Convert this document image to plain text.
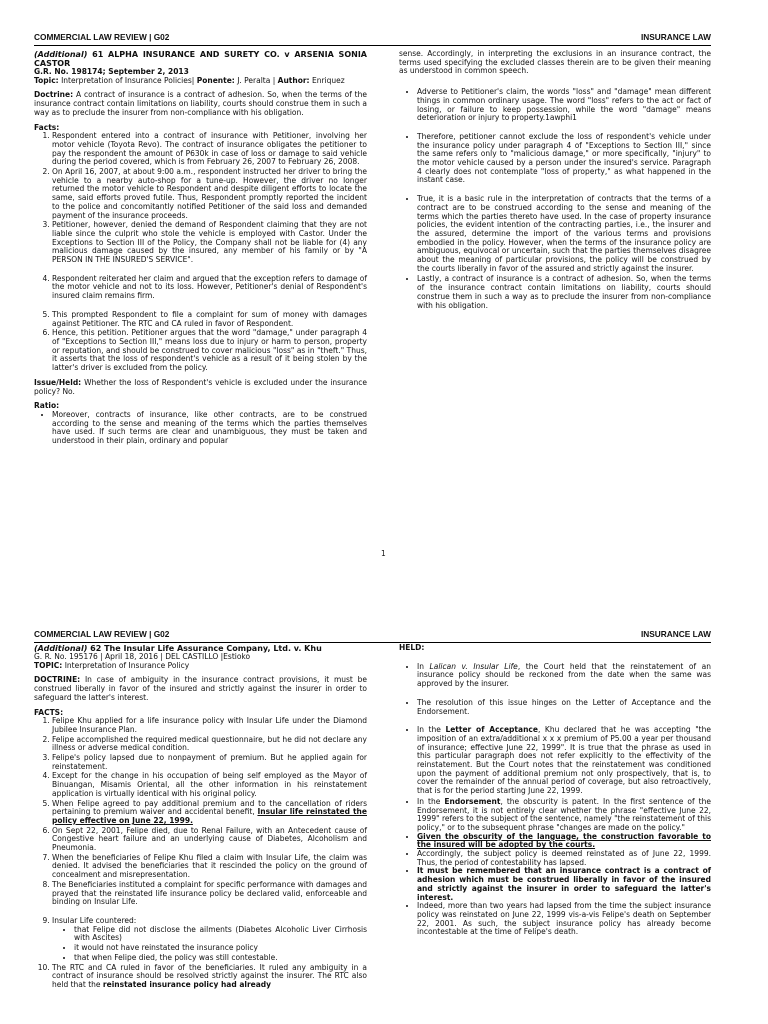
COMMERCIAL LAW REVIEW | G02	INSURANCE LAW
(Additional) 61 ALPHA INSURANCE AND SURETY CO. v ARSENIA SONIA CASTOR
G.R. No. 198174; September 2, 2013

Topic: Interpretation of Insurance Policies| Ponente: J. Peralta | Author: Enriquez

Doctrine: A contract of insurance is a contract of adhesion. So, when the terms of the insurance contract contain limitations on liability, courts should construe them in such a way as to preclude the insurer from non-compliance with his obligation.

Facts:
1. Respondent entered into a contract of insurance with Petitioner, involving her motor vehicle (Toyota Revo). The contract of insurance obligates the petitioner to pay the respondent the amount of P630k in case of loss or damage to said vehicle during the period covered, which is from February 26, 2007 to February 26, 2008.
2. On April 16, 2007, at about 9:00 a.m., respondent instructed her driver to bring the vehicle to a nearby auto-shop for a tune-up. However, the driver no longer returned the motor vehicle to Respondent and despite diligent efforts to locate the same, said efforts proved futile. Thus, Respondent promptly reported the incident to the police and concomitantly notified Petitioner of the said loss and demanded payment of the insurance proceeds.
3. Petitioner, however, denied the demand of Respondent claiming that they are not liable since the culprit who stole the vehicle is employed with Castor. Under the Exceptions to Section III of the Policy, the Company shall not be liable for (4) any malicious damage caused by the insured, any member of his family or by "A PERSON IN THE INSURED'S SERVICE".
4. Respondent reiterated her claim and argued that the exception refers to damage of the motor vehicle and not to its loss. However, Petitioner's denial of Respondent's insured claim remains firm.
5. This prompted Respondent to file a complaint for sum of money with damages against Petitioner. The RTC and CA ruled in favor of Respondent.
6. Hence, this petition. Petitioner argues that the word "damage," under paragraph 4 of "Exceptions to Section III," means loss due to injury or harm to person, property or reputation, and should be construed to cover malicious "loss" as in "theft." Thus, it asserts that the loss of respondent's vehicle as a result of it being stolen by the latter's driver is excluded from the policy.

Issue/Held: Whether the loss of Respondent's vehicle is excluded under the insurance policy? No.

Ratio:
• Moreover, contracts of insurance, like other contracts, are to be construed according to the sense and meaning of the terms which the parties themselves have used. If such terms are clear and unambiguous, they must be taken and understood in their plain, ordinary and popular

sense. Accordingly, in interpreting the exclusions in an insurance contract, the terms used specifying the excluded classes therein are to be given their meaning as understood in common speech.

• Adverse to Petitioner's claim, the words "loss" and "damage" mean different things in common ordinary usage. The word "loss" refers to the act or fact of losing, or failure to keep possession, while the word "damage" means deterioration or injury to property.1awphi1
• Therefore, petitioner cannot exclude the loss of respondent's vehicle under the insurance policy under paragraph 4 of "Exceptions to Section III," since the same refers only to "malicious damage," or more specifically, "injury" to the motor vehicle caused by a person under the insured's service. Paragraph 4 clearly does not contemplate "loss of property," as what happened in the instant case.
• True, it is a basic rule in the interpretation of contracts that the terms of a contract are to be construed according to the sense and meaning of the terms which the parties thereto have used. In the case of property insurance policies, the evident intention of the contracting parties, i.e., the insurer and the assured, determine the import of the various terms and provisions embodied in the policy. However, when the terms of the insurance policy are ambiguous, equivocal or uncertain, such that the parties themselves disagree about the meaning of particular provisions, the policy will be construed by the courts liberally in favor of the assured and strictly against the insurer.
• Lastly, a contract of insurance is a contract of adhesion. So, when the terms of the insurance contract contain limitations on liability, courts should construe them in such a way as to preclude the insurer from non-compliance with his obligation.
1
COMMERCIAL LAW REVIEW | G02	INSURANCE LAW
(Additional) 62 The Insular Life Assurance Company, Ltd. v. Khu
G. R. No. 195176 | April 18, 2016 | DEL CASTILLO |Estioko

TOPIC: Interpretation of Insurance Policy

DOCTRINE: In case of ambiguity in the insurance contract provisions, it must be construed liberally in favor of the insured and strictly against the insurer in order to safeguard the latter's interest.

FACTS:
1. Felipe Khu applied for a life insurance policy with Insular Life under the Diamond Jubilee Insurance Plan.
2. Felipe accomplished the required medical questionnaire, but he did not declare any illness or adverse medical condition.
3. Felipe's policy lapsed due to nonpayment of premium. But he applied again for reinstatement.
4. Except for the change in his occupation of being self employed as the Mayor of Binuangan, Misamis Oriental, all the other information in his reinstatement application is virtually identical with his original policy.
5. When Felipe agreed to pay additional premium and to the cancellation of riders pertaining to premium waiver and accidental benefit, Insular life reinstated the policy effective on June 22, 1999.
6. On Sept 22, 2001, Felipe died, due to Renal Failure, with an Antecedent cause of Congestive heart failure and an underlying cause of Diabetes, Alcoholism and Pneumonia.
7. When the beneficiaries of Felipe Khu filed a claim with Insular Life, the claim was denied. It advised the beneficiaries that it rescinded the policy on the ground of concealment and misrepresentation.
8. The Beneficiaries instituted a complaint for specific performance with damages and prayed that the reinstated life insurance policy be declared valid, enforceable and binding on Insular Life.
9. Insular Life countered:
• that Felipe did not disclose the ailments (Diabetes Alcoholic Liver Cirrhosis with Ascites)
• it would not have reinstated the insurance policy
• that when Felipe died, the policy was still contestable.
10. The RTC and CA ruled in favor of the beneficiaries. It ruled any ambiguity in a contract of insurance should be resolved strictly against the insurer. The RTC also held that the reinstated insurance policy had already
HELD:
• In Lalican v. Insular Life, the Court held that the reinstatement of an insurance policy should be reckoned from the date when the same was approved by the insurer.
• The resolution of this issue hinges on the Letter of Acceptance and the Endorsement.
• In the Letter of Acceptance, Khu declared that he was accepting "the imposition of an extra/additional x x x premium of P5.00 a year per thousand of insurance; effective June 22, 1999". It is true that the phrase as used in this particular paragraph does not refer explicitly to the effectivity of the reinstatement. But the Court notes that the reinstatement was conditioned upon the payment of additional premium not only prospectively, that is, to cover the remainder of the annual period of coverage, but also retroactively, that is for the period starting June 22, 1999.
• In the Endorsement, the obscurity is patent. In the first sentence of the Endorsement, it is not entirely clear whether the phrase "effective June 22, 1999" refers to the subject of the sentence, namely "the reinstatement of this policy," or to the subsequent phrase "changes are made on the policy."
• Given the obscurity of the language, the construction favorable to the insured will be adopted by the courts.
• Accordingly, the subject policy is deemed reinstated as of June 22, 1999. Thus, the period of contestability has lapsed.
• It must be remembered that an insurance contract is a contract of adhesion which must be construed liberally in favor of the insured and strictly against the insurer in order to safeguard the latter's interest.
• Indeed, more than two years had lapsed from the time the subject insurance policy was reinstated on June 22, 1999 vis-a-vis Felipe's death on September 22, 2001. As such, the subject insurance policy has already become incontestable at the time of Felipe's death.
